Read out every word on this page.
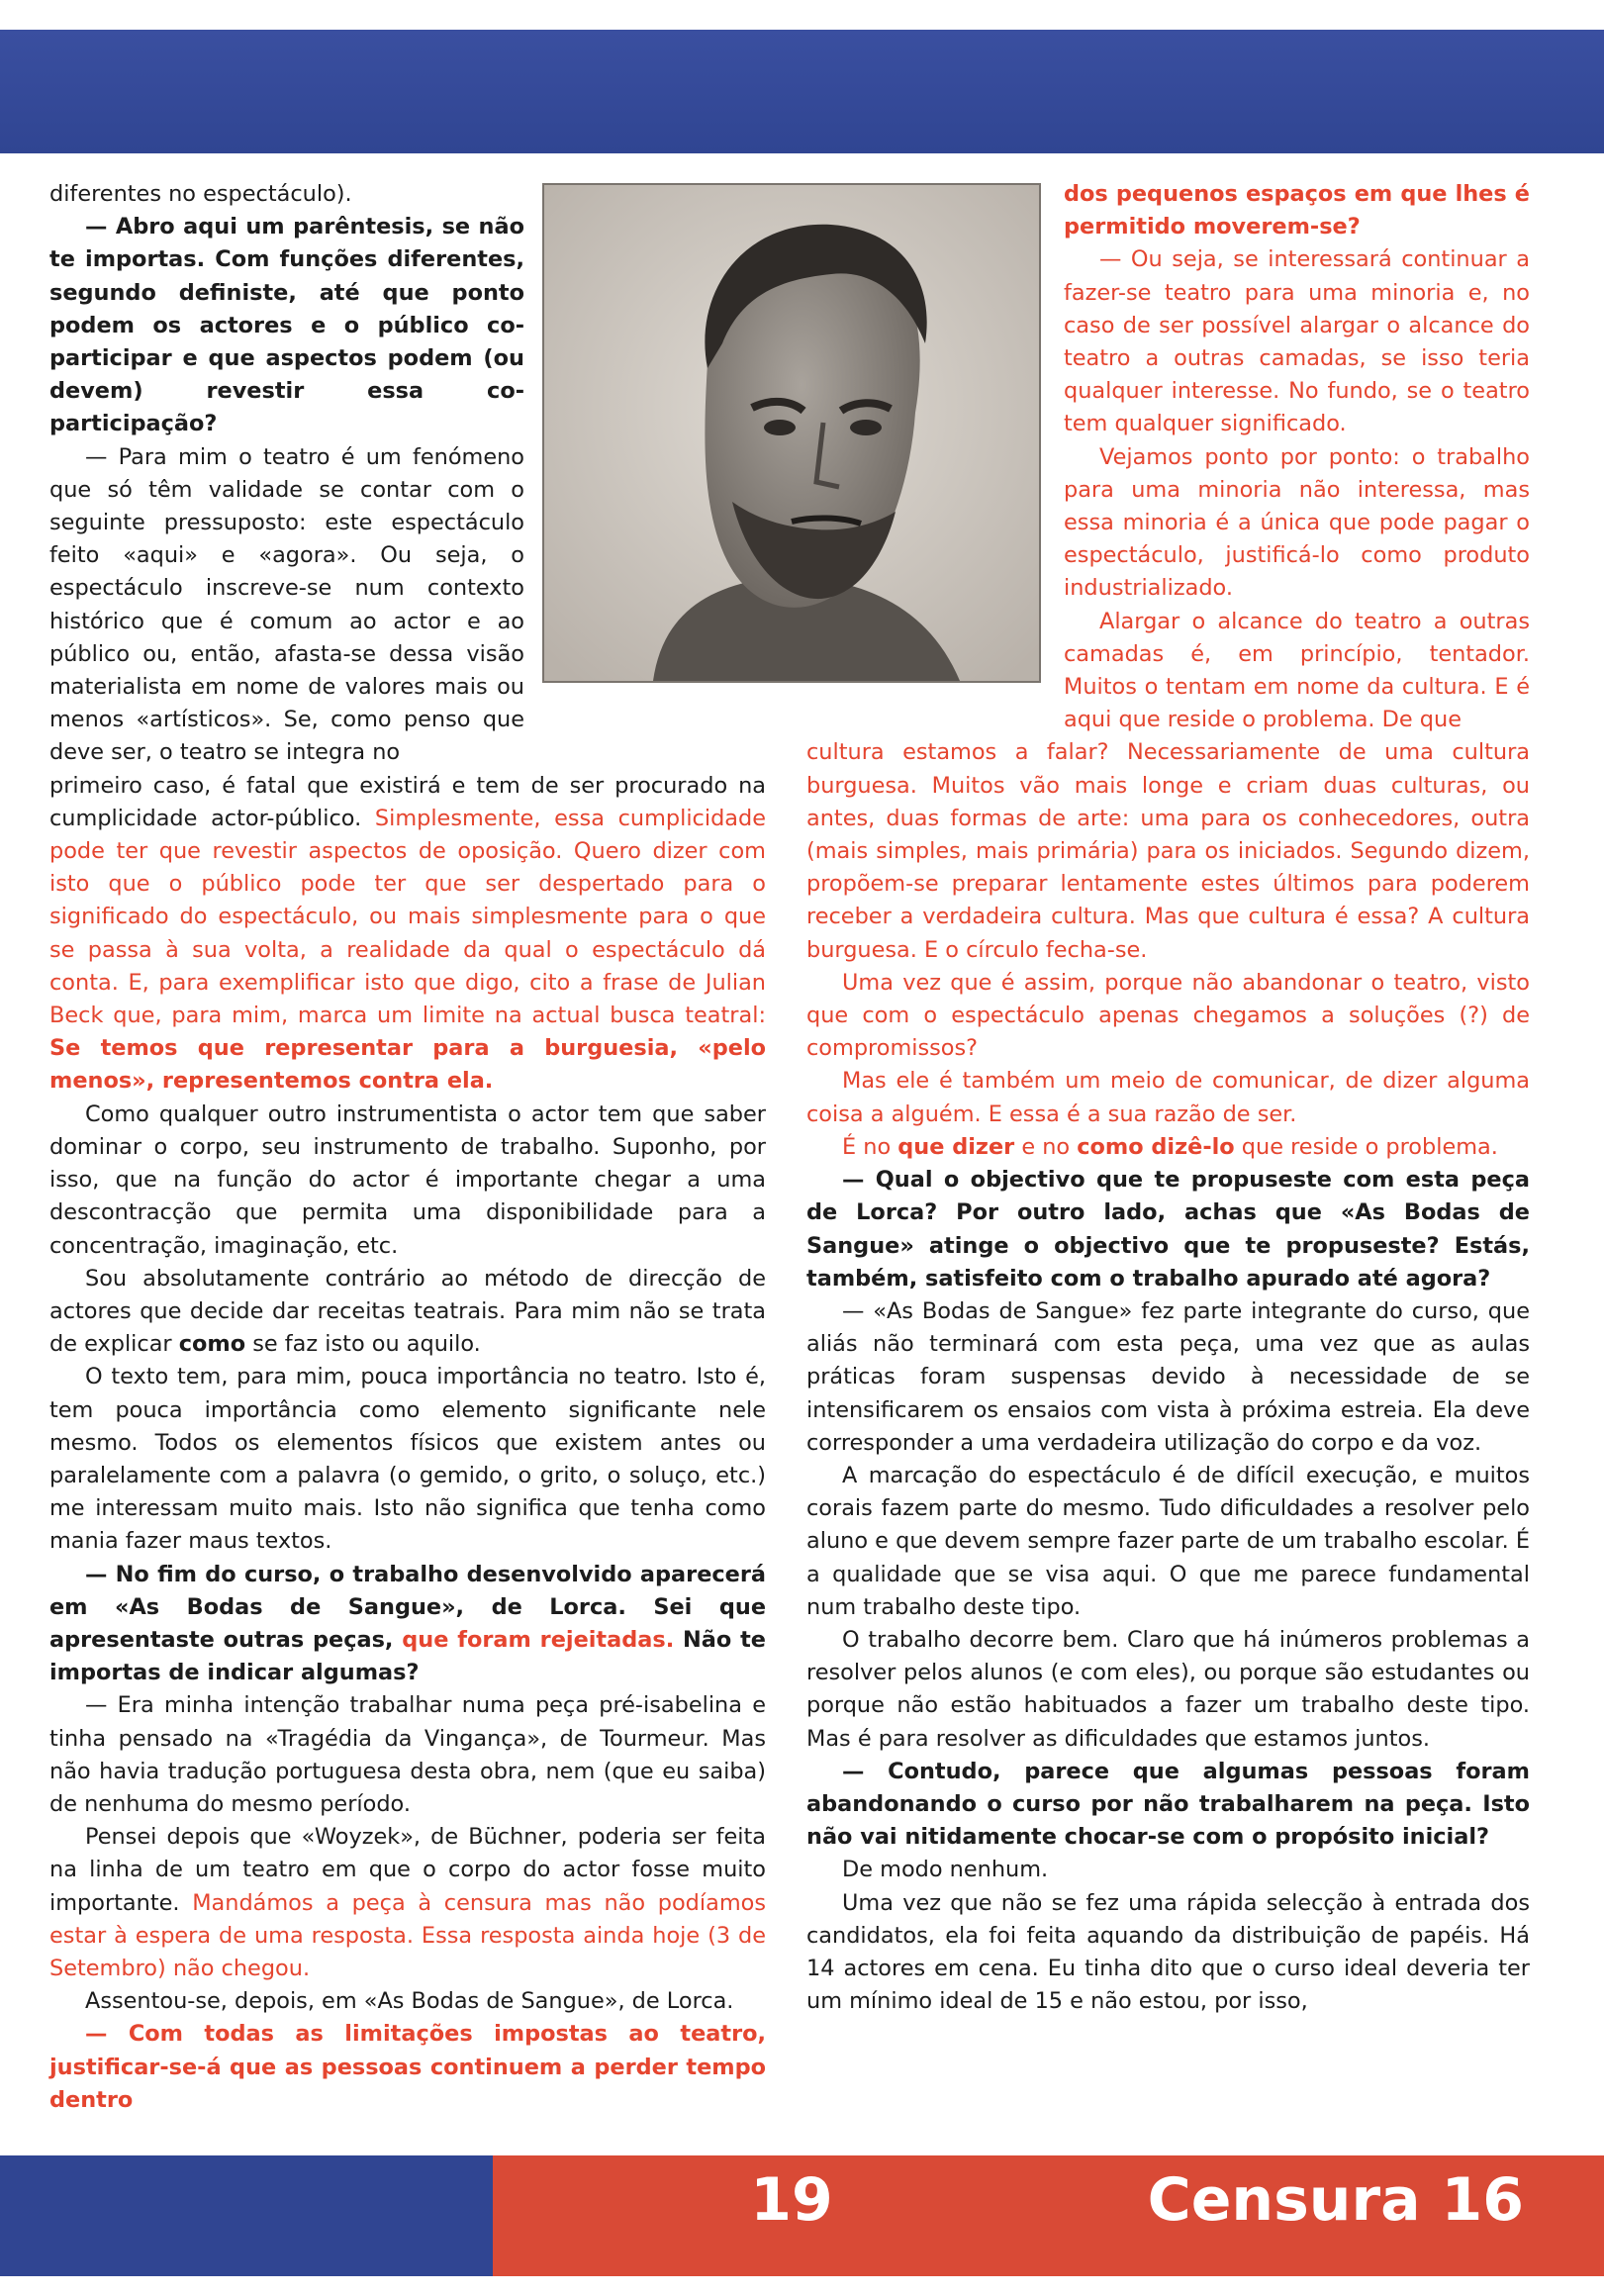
diferentes no espectáculo).

— Abro aqui um parêntesis, se não te importas. Com funções diferentes, segundo definiste, até que ponto podem os actores e o público co-participar e que aspectos podem (ou devem) revestir essa co-participação?

— Para mim o teatro é um fenómeno que só têm validade se contar com o seguinte pressuposto: este espectáculo feito «aqui» e «agora». Ou seja, o espectáculo inscreve-se num contexto histórico que é comum ao actor e ao público ou, então, afasta-se dessa visão materialista em nome de valores mais ou menos «artísticos». Se, como penso que deve ser, o teatro se integra no

primeiro caso, é fatal que existirá e tem de ser procurado na cumplicidade actor-público. Simplesmente, essa cumplicidade pode ter que revestir aspectos de oposição. Quero dizer com isto que o público pode ter que ser despertado para o significado do espectáculo, ou mais simplesmente para o que se passa à sua volta, a realidade da qual o espectáculo dá conta. E, para exemplificar isto que digo, cito a frase de Julian Beck que, para mim, marca um limite na actual busca teatral: Se temos que representar para a burguesia, «pelo menos», representemos contra ela.

Como qualquer outro instrumentista o actor tem que saber dominar o corpo, seu instrumento de trabalho. Suponho, por isso, que na função do actor é importante chegar a uma descontracção que permita uma disponibilidade para a concentração, imaginação, etc.

Sou absolutamente contrário ao método de direcção de actores que decide dar receitas teatrais. Para mim não se trata de explicar como se faz isto ou aquilo.

O texto tem, para mim, pouca importância no teatro. Isto é, tem pouca importância como elemento significante nele mesmo. Todos os elementos físicos que existem antes ou paralelamente com a palavra (o gemido, o grito, o soluço, etc.) me interessam muito mais. Isto não significa que tenha como mania fazer maus textos.

— No fim do curso, o trabalho desenvolvido aparecerá em «As Bodas de Sangue», de Lorca. Sei que apresentaste outras peças, que foram rejeitadas. Não te importas de indicar algumas?

— Era minha intenção trabalhar numa peça pré-isabelina e tinha pensado na «Tragédia da Vingança», de Tourmeur. Mas não havia tradução portuguesa desta obra, nem (que eu saiba) de nenhuma do mesmo período.

Pensei depois que «Woyzek», de Büchner, poderia ser feita na linha de um teatro em que o corpo do actor fosse muito importante. Mandámos a peça à censura mas não podíamos estar à espera de uma resposta. Essa resposta ainda hoje (3 de Setembro) não chegou.

Assentou-se, depois, em «As Bodas de Sangue», de Lorca.

— Com todas as limitações impostas ao teatro, justificar-se-á que as pessoas continuem a perder tempo dentro

dos pequenos espaços em que lhes é permitido moverem-se?

— Ou seja, se interessará continuar a fazer-se teatro para uma minoria e, no caso de ser possível alargar o alcance do teatro a outras camadas, se isso teria qualquer interesse. No fundo, se o teatro tem qualquer significado.

Vejamos ponto por ponto: o trabalho para uma minoria não interessa, mas essa minoria é a única que pode pagar o espectáculo, justificá-lo como produto industrializado.

Alargar o alcance do teatro a outras camadas é, em princípio, tentador. Muitos o tentam em nome da cultura. E é aqui que reside o problema. De que

cultura estamos a falar? Necessariamente de uma cultura burguesa. Muitos vão mais longe e criam duas culturas, ou antes, duas formas de arte: uma para os conhecedores, outra (mais simples, mais primária) para os iniciados. Segundo dizem, propõem-se preparar lentamente estes últimos para poderem receber a verdadeira cultura. Mas que cultura é essa? A cultura burguesa. E o círculo fecha-se.

Uma vez que é assim, porque não abandonar o teatro, visto que com o espectáculo apenas chegamos a soluções (?) de compromissos?

Mas ele é também um meio de comunicar, de dizer alguma coisa a alguém. E essa é a sua razão de ser.

É no que dizer e no como dizê-lo que reside o problema.

— Qual o objectivo que te propuseste com esta peça de Lorca? Por outro lado, achas que «As Bodas de Sangue» atinge o objectivo que te propuseste? Estás, também, satisfeito com o trabalho apurado até agora?

— «As Bodas de Sangue» fez parte integrante do curso, que aliás não terminará com esta peça, uma vez que as aulas práticas foram suspensas devido à necessidade de se intensificarem os ensaios com vista à próxima estreia. Ela deve corresponder a uma verdadeira utilização do corpo e da voz.

A marcação do espectáculo é de difícil execução, e muitos corais fazem parte do mesmo. Tudo dificuldades a resolver pelo aluno e que devem sempre fazer parte de um trabalho escolar. É a qualidade que se visa aqui. O que me parece fundamental num trabalho deste tipo.

O trabalho decorre bem. Claro que há inúmeros problemas a resolver pelos alunos (e com eles), ou porque são estudantes ou porque não estão habituados a fazer um trabalho deste tipo. Mas é para resolver as dificuldades que estamos juntos.

— Contudo, parece que algumas pessoas foram abandonando o curso por não trabalharem na peça. Isto não vai nitidamente chocar-se com o propósito inicial?

De modo nenhum.

Uma vez que não se fez uma rápida selecção à entrada dos candidatos, ela foi feita aquando da distribuição de papéis. Há 14 actores em cena. Eu tinha dito que o curso ideal deveria ter um mínimo ideal de 15 e não estou, por isso,

19	Censura 16
